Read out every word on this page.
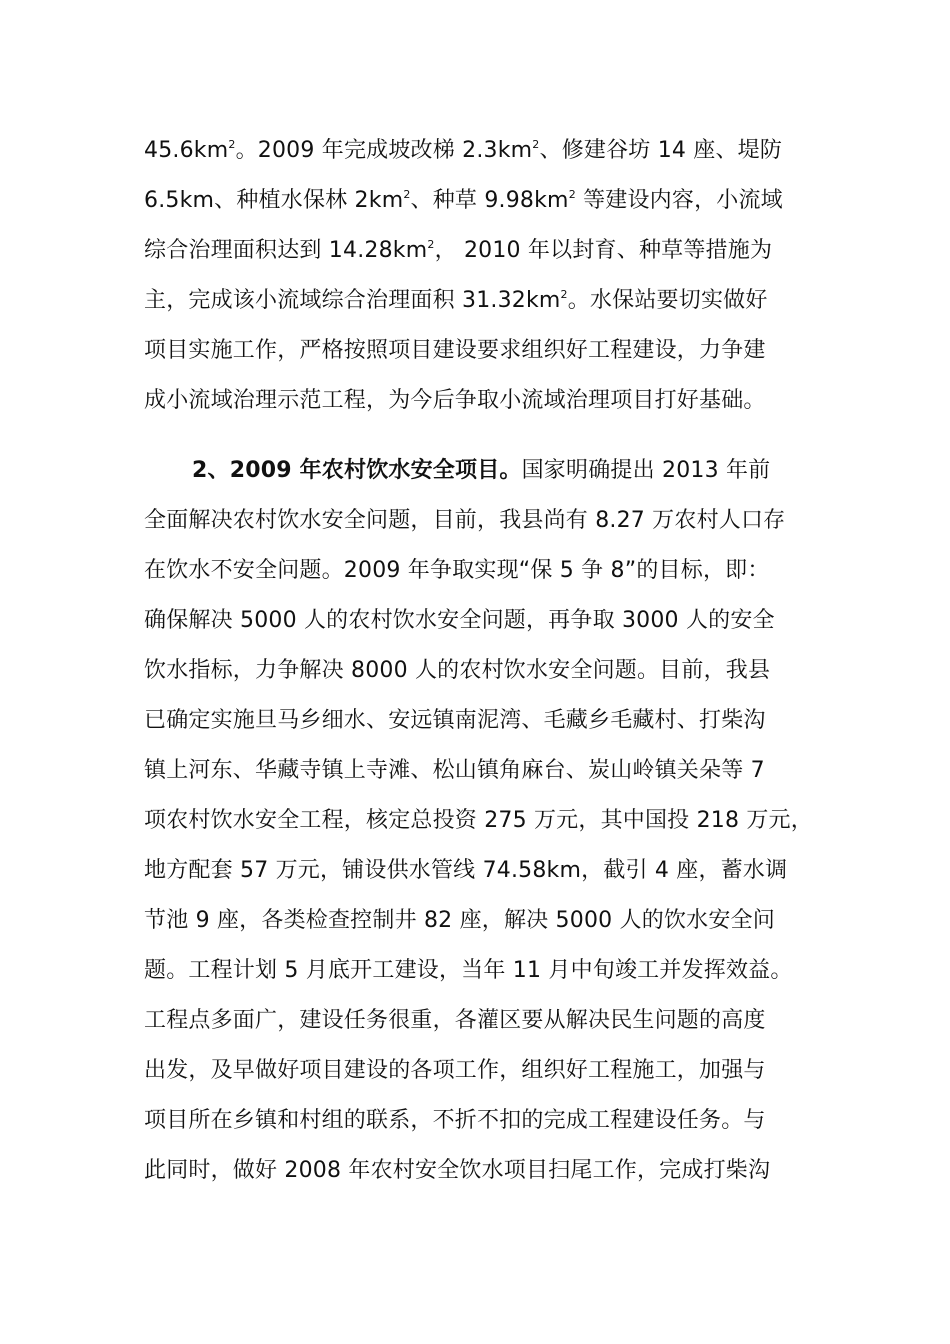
$45.6km^2$。2009 年完成坡改梯 $2.3km^2$、修建谷坊 14 座、堤防
6.5km、种植水保林 $2km^2$、种草 $9.98km^2$ 等建设内容，小流域
综合治理面积达到 $14.28km^2$， 2010 年以封育、种草等措施为
主，完成该小流域综合治理面积 $31.32km^2$。水保站要切实做好
项目实施工作，严格按照项目建设要求组织好工程建设，力争建
成小流域治理示范工程，为今后争取小流域治理项目打好基础。
2、2009 年农村饮水安全项目。国家明确提出 2013 年前
全面解决农村饮水安全问题，目前，我县尚有 8.27 万农村人口存
在饮水不安全问题。2009 年争取实现“保 5 争 8”的目标，即：
确保解决 5000 人的农村饮水安全问题，再争取 3000 人的安全
饮水指标，力争解决 8000 人的农村饮水安全问题。目前，我县
已确定实施旦马乡细水、安远镇南泥湾、毛藏乡毛藏村、打柴沟
镇上河东、华藏寺镇上寺滩、松山镇角麻台、炭山岭镇关朵等 7
项农村饮水安全工程，核定总投资 275 万元，其中国投 218 万元，
地方配套 57 万元，铺设供水管线 74.58km，截引 4 座，蓄水调
节池 9 座，各类检查控制井 82 座，解决 5000 人的饮水安全问
题。工程计划 5 月底开工建设，当年 11 月中旬竣工并发挥效益。
工程点多面广，建设任务很重，各灌区要从解决民生问题的高度
出发，及早做好项目建设的各项工作，组织好工程施工，加强与
项目所在乡镇和村组的联系，不折不扣的完成工程建设任务。与
此同时，做好 2008 年农村安全饮水项目扫尾工作，完成打柴沟
